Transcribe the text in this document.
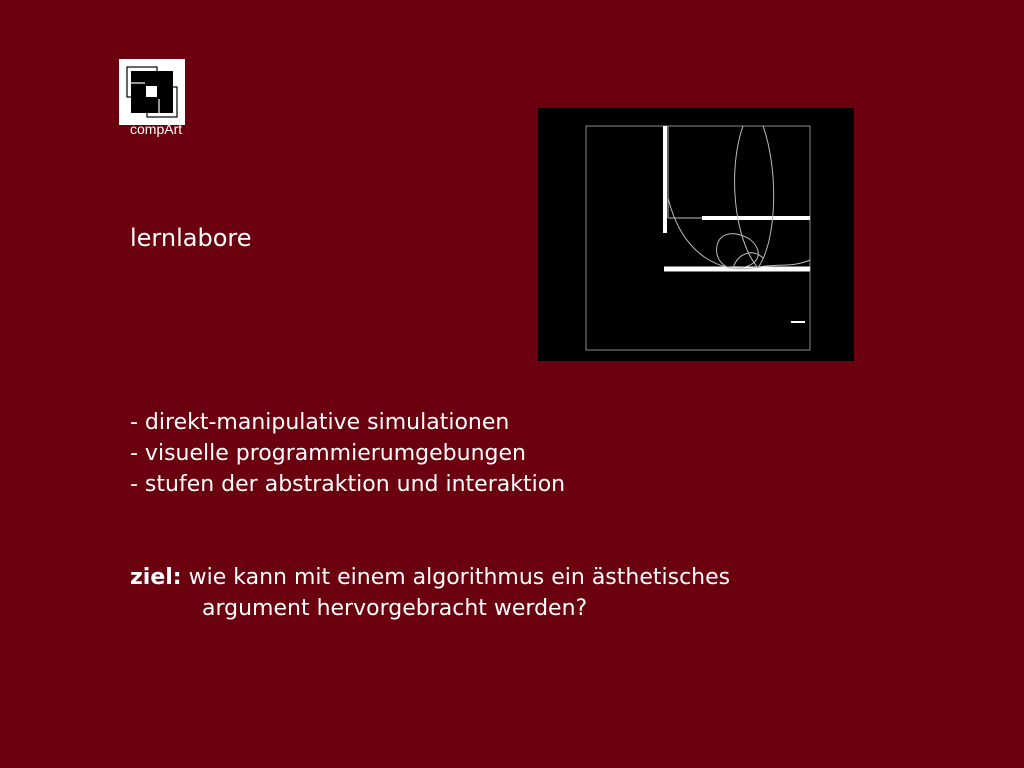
compArt
lernlabore
- direkt-manipulative simulationen
- visuelle programmierumgebungen
- stufen der abstraktion und interaktion

ziel: wie kann mit einem algorithmus ein ästhetisches
argument hervorgebracht werden?
